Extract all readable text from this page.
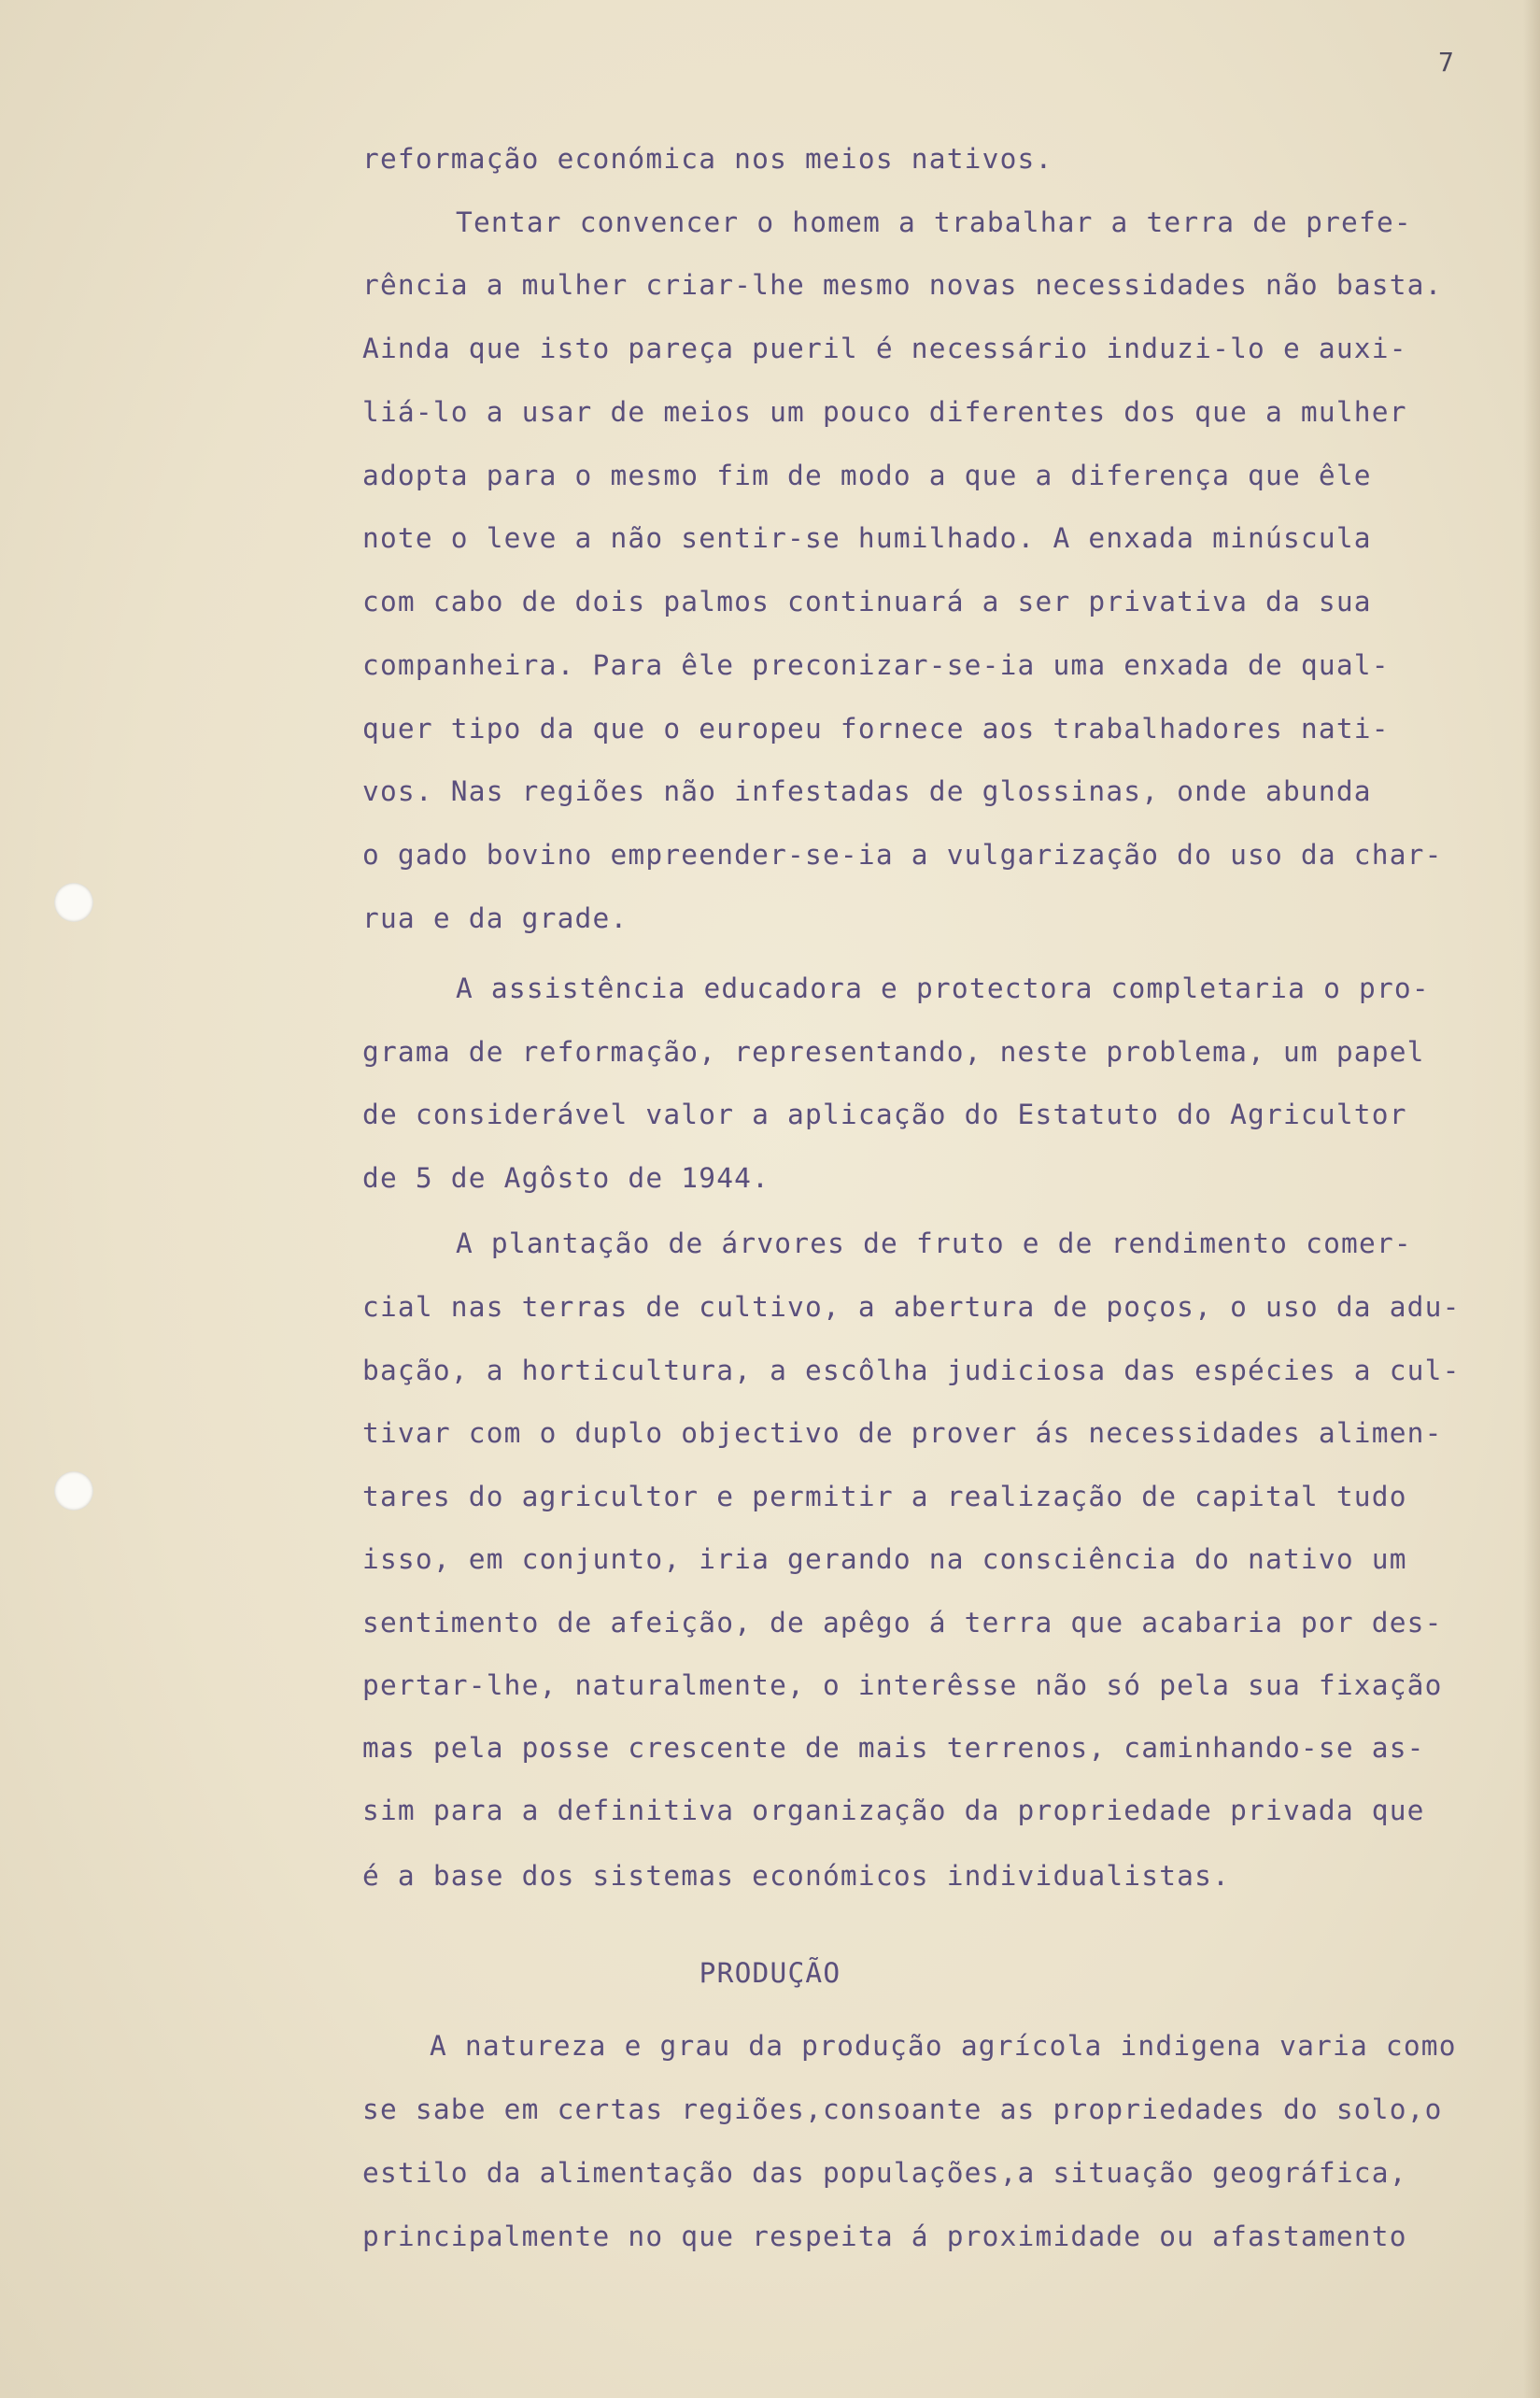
7
reformação económica nos meios nativos.
Tentar convencer o homem a trabalhar a terra de prefe-
rência a mulher criar-lhe mesmo novas necessidades não basta.
Ainda que isto pareça pueril é necessário induzi-lo e auxi-
liá-lo a usar de meios um pouco diferentes dos que a mulher
adopta para o mesmo fim de modo a que a diferença que êle
note o leve a não sentir-se humilhado. A enxada minúscula
com cabo de dois palmos continuará a ser privativa da sua
companheira. Para êle preconizar-se-ia uma enxada de qual-
quer tipo da que o europeu fornece aos trabalhadores nati-
vos. Nas regiões não infestadas de glossinas, onde abunda
o gado bovino empreender-se-ia a vulgarização do uso da char-
rua e da grade.
A assistência educadora e protectora completaria o pro-
grama de reformação, representando, neste problema, um papel
de considerável valor a aplicação do Estatuto do Agricultor
de 5 de Agôsto de 1944.
A plantação de árvores de fruto e de rendimento comer-
cial nas terras de cultivo, a abertura de poços, o uso da adu-
bação, a horticultura, a escôlha judiciosa das espécies a cul-
tivar com o duplo objectivo de prover ás necessidades alimen-
tares do agricultor e permitir a realização de capital tudo
isso, em conjunto, iria gerando na consciência do nativo um
sentimento de afeição, de apêgo á terra que acabaria por des-
pertar-lhe, naturalmente, o interêsse não só pela sua fixação
mas pela posse crescente de mais terrenos, caminhando-se as-
sim para a definitiva organização da propriedade privada que
é a base dos sistemas económicos individualistas.
PRODUÇÃO
A natureza e grau da produção agrícola indigena varia como
se sabe em certas regiões,consoante as propriedades do solo,o
estilo da alimentação das populações,a situação geográfica,
principalmente no que respeita á proximidade ou afastamento
